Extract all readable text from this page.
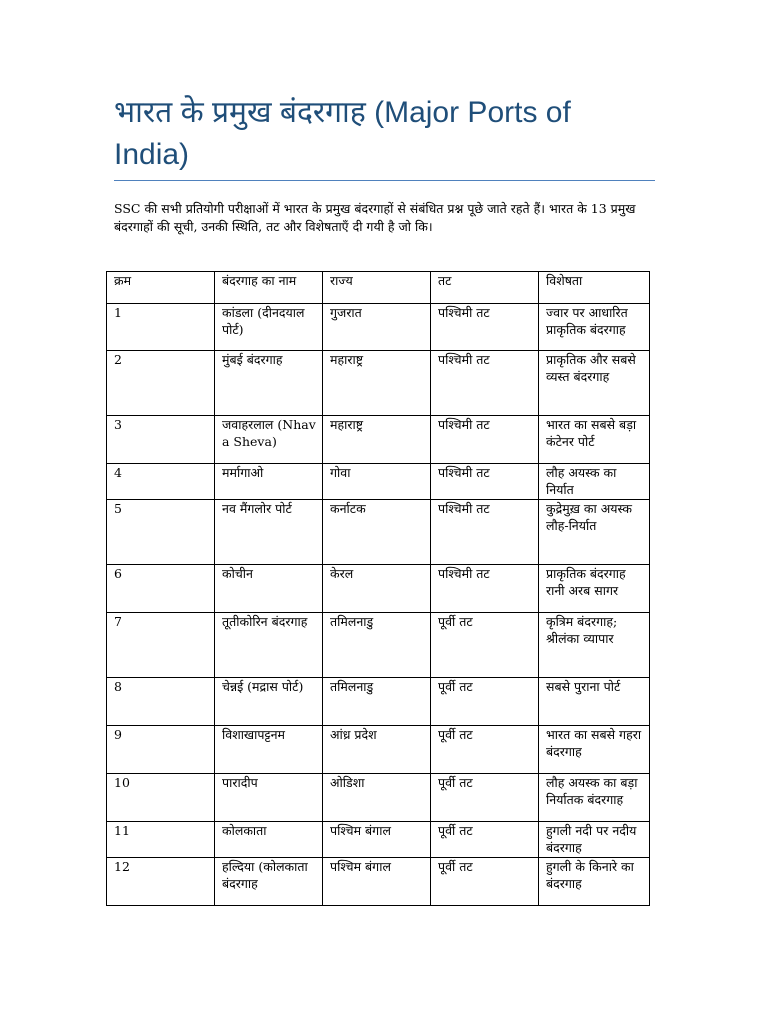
भारत के प्रमुख बंदरगाह (Major Ports of India)

SSC की सभी प्रतियोगी परीक्षाओं में भारत के प्रमुख बंदरगाहों से संबंधित प्रश्न पूछे जाते रहते हैं। भारत के 13 प्रमुख बंदरगाहों की सूची, उनकी स्थिति, तट और विशेषताएँ दी गयी है जो कि।

क्रम	बंदरगाह का नाम	राज्य	तट	विशेषता
1	कांडला (दीनदयाल पोर्ट)	गुजरात	पश्चिमी तट	ज्वार पर आधारित प्राकृतिक बंदरगाह
2	मुंबई बंदरगाह	महाराष्ट्र	पश्चिमी तट	प्राकृतिक और सबसे व्यस्त बंदरगाह
3	जवाहरलाल (Nhava Sheva)	महाराष्ट्र	पश्चिमी तट	भारत का सबसे बड़ा कंटेनर पोर्ट
4	मर्मागाओ	गोवा	पश्चिमी तट	लौह अयस्क का निर्यात
5	नव मैंगलोर पोर्ट	कर्नाटक	पश्चिमी तट	कुद्रेमुख़ का अयस्क लौह-निर्यात
6	कोचीन	केरल	पश्चिमी तट	प्राकृतिक बंदरगाह रानी अरब सागर
7	तूतीकोरिन बंदरगाह	तमिलनाडु	पूर्वी तट	कृत्रिम बंदरगाह; श्रीलंका व्यापार
8	चेन्नई (मद्रास पोर्ट)	तमिलनाडु	पूर्वी तट	सबसे पुराना पोर्ट
9	विशाखापट्टनम	आंध्र प्रदेश	पूर्वी तट	भारत का सबसे गहरा बंदरगाह
10	पारादीप	ओडिशा	पूर्वी तट	लौह अयस्क का बड़ा निर्यातक बंदरगाह
11	कोलकाता	पश्चिम बंगाल	पूर्वी तट	हुगली नदी पर नदीय बंदरगाह
12	हल्दिया (कोलकाता बंदरगाह	पश्चिम बंगाल	पूर्वी तट	हुगली के किनारे का बंदरगाह
